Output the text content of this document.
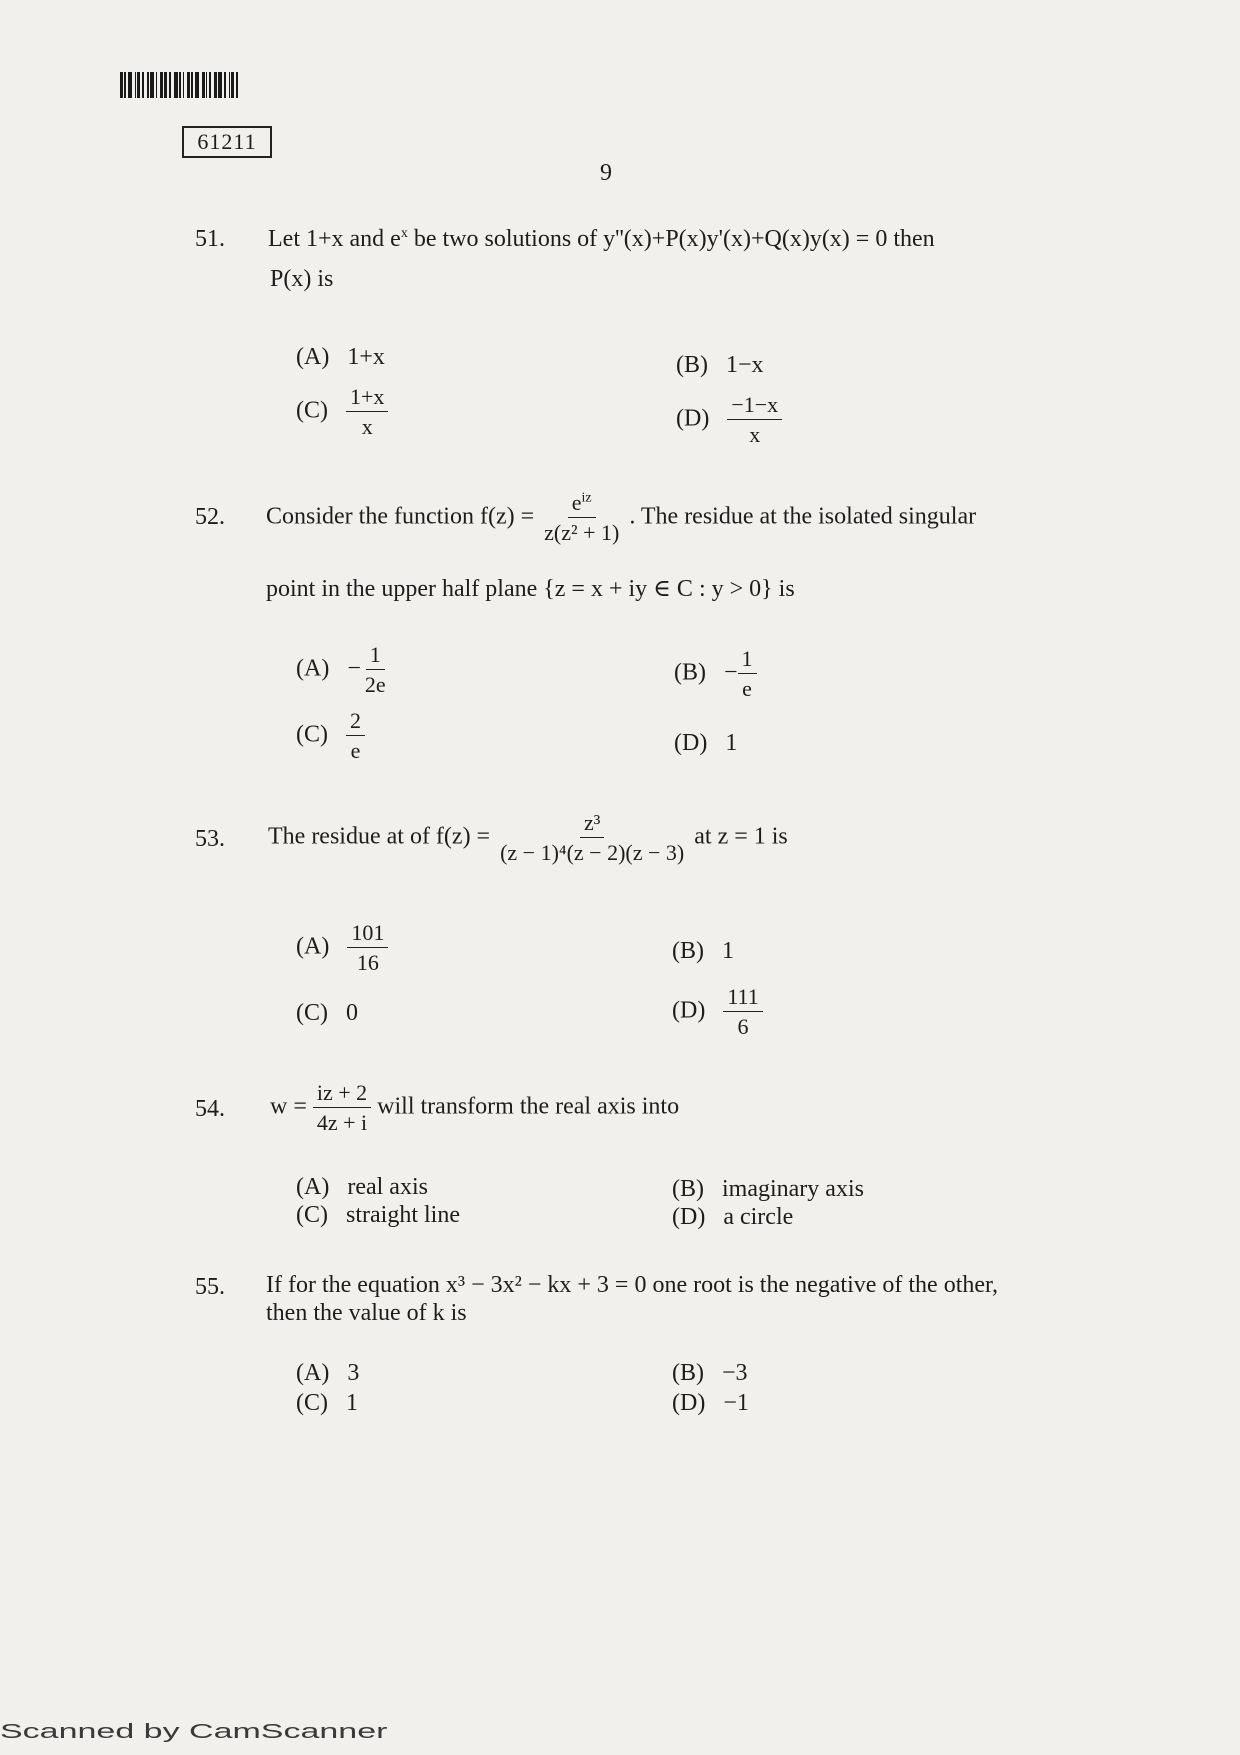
61211
9
51. Let 1+x and $e^x$ be two solutions of y''(x)+P(x)y'(x)+Q(x)y(x) = 0 then
P(x) is
(A) 1+x	(B) 1−x
$(C) \frac{1+x}{x}$	$(D) \frac{-1-x}{x}$
52. Consider the function $f(z) = \frac{e^{iz}}{\text{z(z² + 1)}}$ . The residue at the isolated singular
point in the upper half plane {z = x + iy ∈ C : y > 0} is
$(A) - \frac{1}{2e}$	$(B) - \frac{1}{e}$
$(C) \frac{2}{e}$	(D) 1
53. The residue at of $f(z) = \frac{\text{z³}}{\text{(z − 1)⁴(z − 2)(z − 3)}}$ at z = 1 is
$(A) \frac{101}{16}$	(B) 1
(C) 0	$(D) \frac{111}{6}$
54. $w = \frac{iz + 2}{4z + i}$ will transform the real axis into
(A) real axis	(B) imaginary axis
(C) straight line	(D) a circle
55. If for the equation x³ − 3x² − kx + 3 = 0 one root is the negative of the other,
then the value of k is
(A) 3	(B) −3
(C) 1	(D) −1
Scanned by CamScanner
